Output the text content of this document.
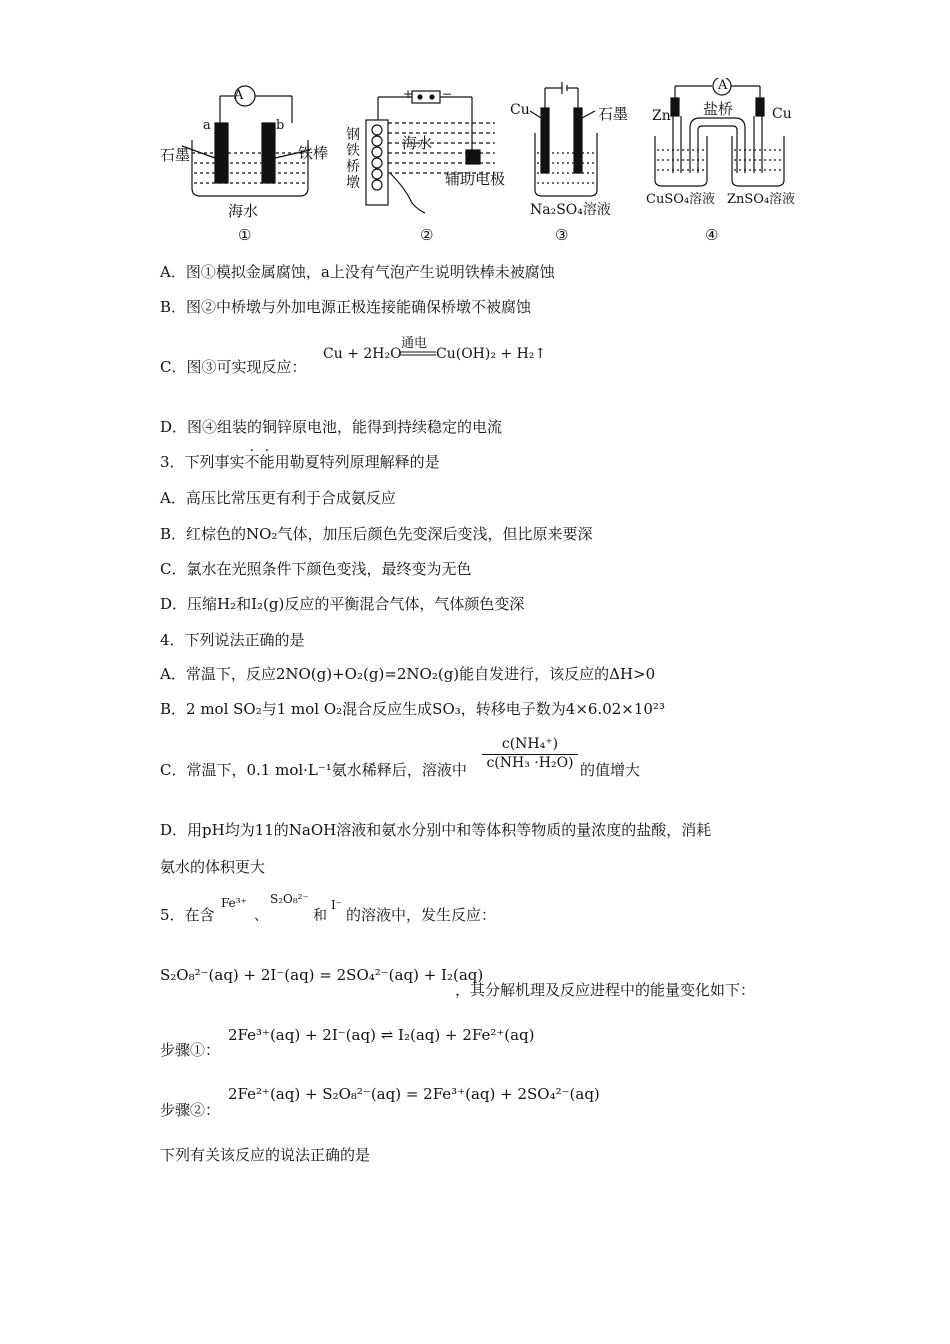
A
a	b
石墨	铁棒
海水
①
+ −
钢
铁
桥
墩
海水
辅助电极
②
Cu	石墨
Na₂SO₄溶液
③
A
Zn	Cu
盐桥
CuSO₄溶液 ZnSO₄溶液
④
A．图①模拟金属腐蚀，a上没有气泡产生说明铁棒未被腐蚀
B．图②中桥墩与外加电源正极连接能确保桥墩不被腐蚀
C．图③可实现反应：
Cu + 2H₂O
通电
Cu(OH)₂ + H₂↑
D．图④组装的铜锌原电池，能得到持续稳定的电流
3．下列事实不能用勒夏特列原理解释的是
A．高压比常压更有利于合成氨反应
B．红棕色的NO₂气体，加压后颜色先变深后变浅，但比原来要深
C．氯水在光照条件下颜色变浅，最终变为无色
D．压缩H₂和I₂(g)反应的平衡混合气体，气体颜色变深
4．下列说法正确的是
A．常温下，反应2NO(g)+O₂(g)=2NO₂(g)能自发进行，该反应的ΔH>0
B．2 mol SO₂与1 mol O₂混合反应生成SO₃，转移电子数为4×6.02×10²³
C．常温下，0.1 mol·L⁻¹氨水稀释后，溶液中 $\frac{\text{c(NH₄⁺)}}{\text{c(NH₃ ·H₂O)}}$ 的值增大
D．用pH均为11的NaOH溶液和氨水分别中和等体积等物质的量浓度的盐酸，消耗
氨水的体积更大
5．在含
Fe³⁺
、
S₂O₈²⁻
和
I⁻
的溶液中，发生反应：
S₂O₈²⁻(aq) + 2I⁻(aq) = 2SO₄²⁻(aq) + I₂(aq)
，其分解机理及反应进程中的能量变化如下：
步骤①：
2Fe³⁺(aq) + 2I⁻(aq) ⇌ I₂(aq) + 2Fe²⁺(aq)
步骤②：
2Fe²⁺(aq) + S₂O₈²⁻(aq) = 2Fe³⁺(aq) + 2SO₄²⁻(aq)
下列有关该反应的说法正确的是
